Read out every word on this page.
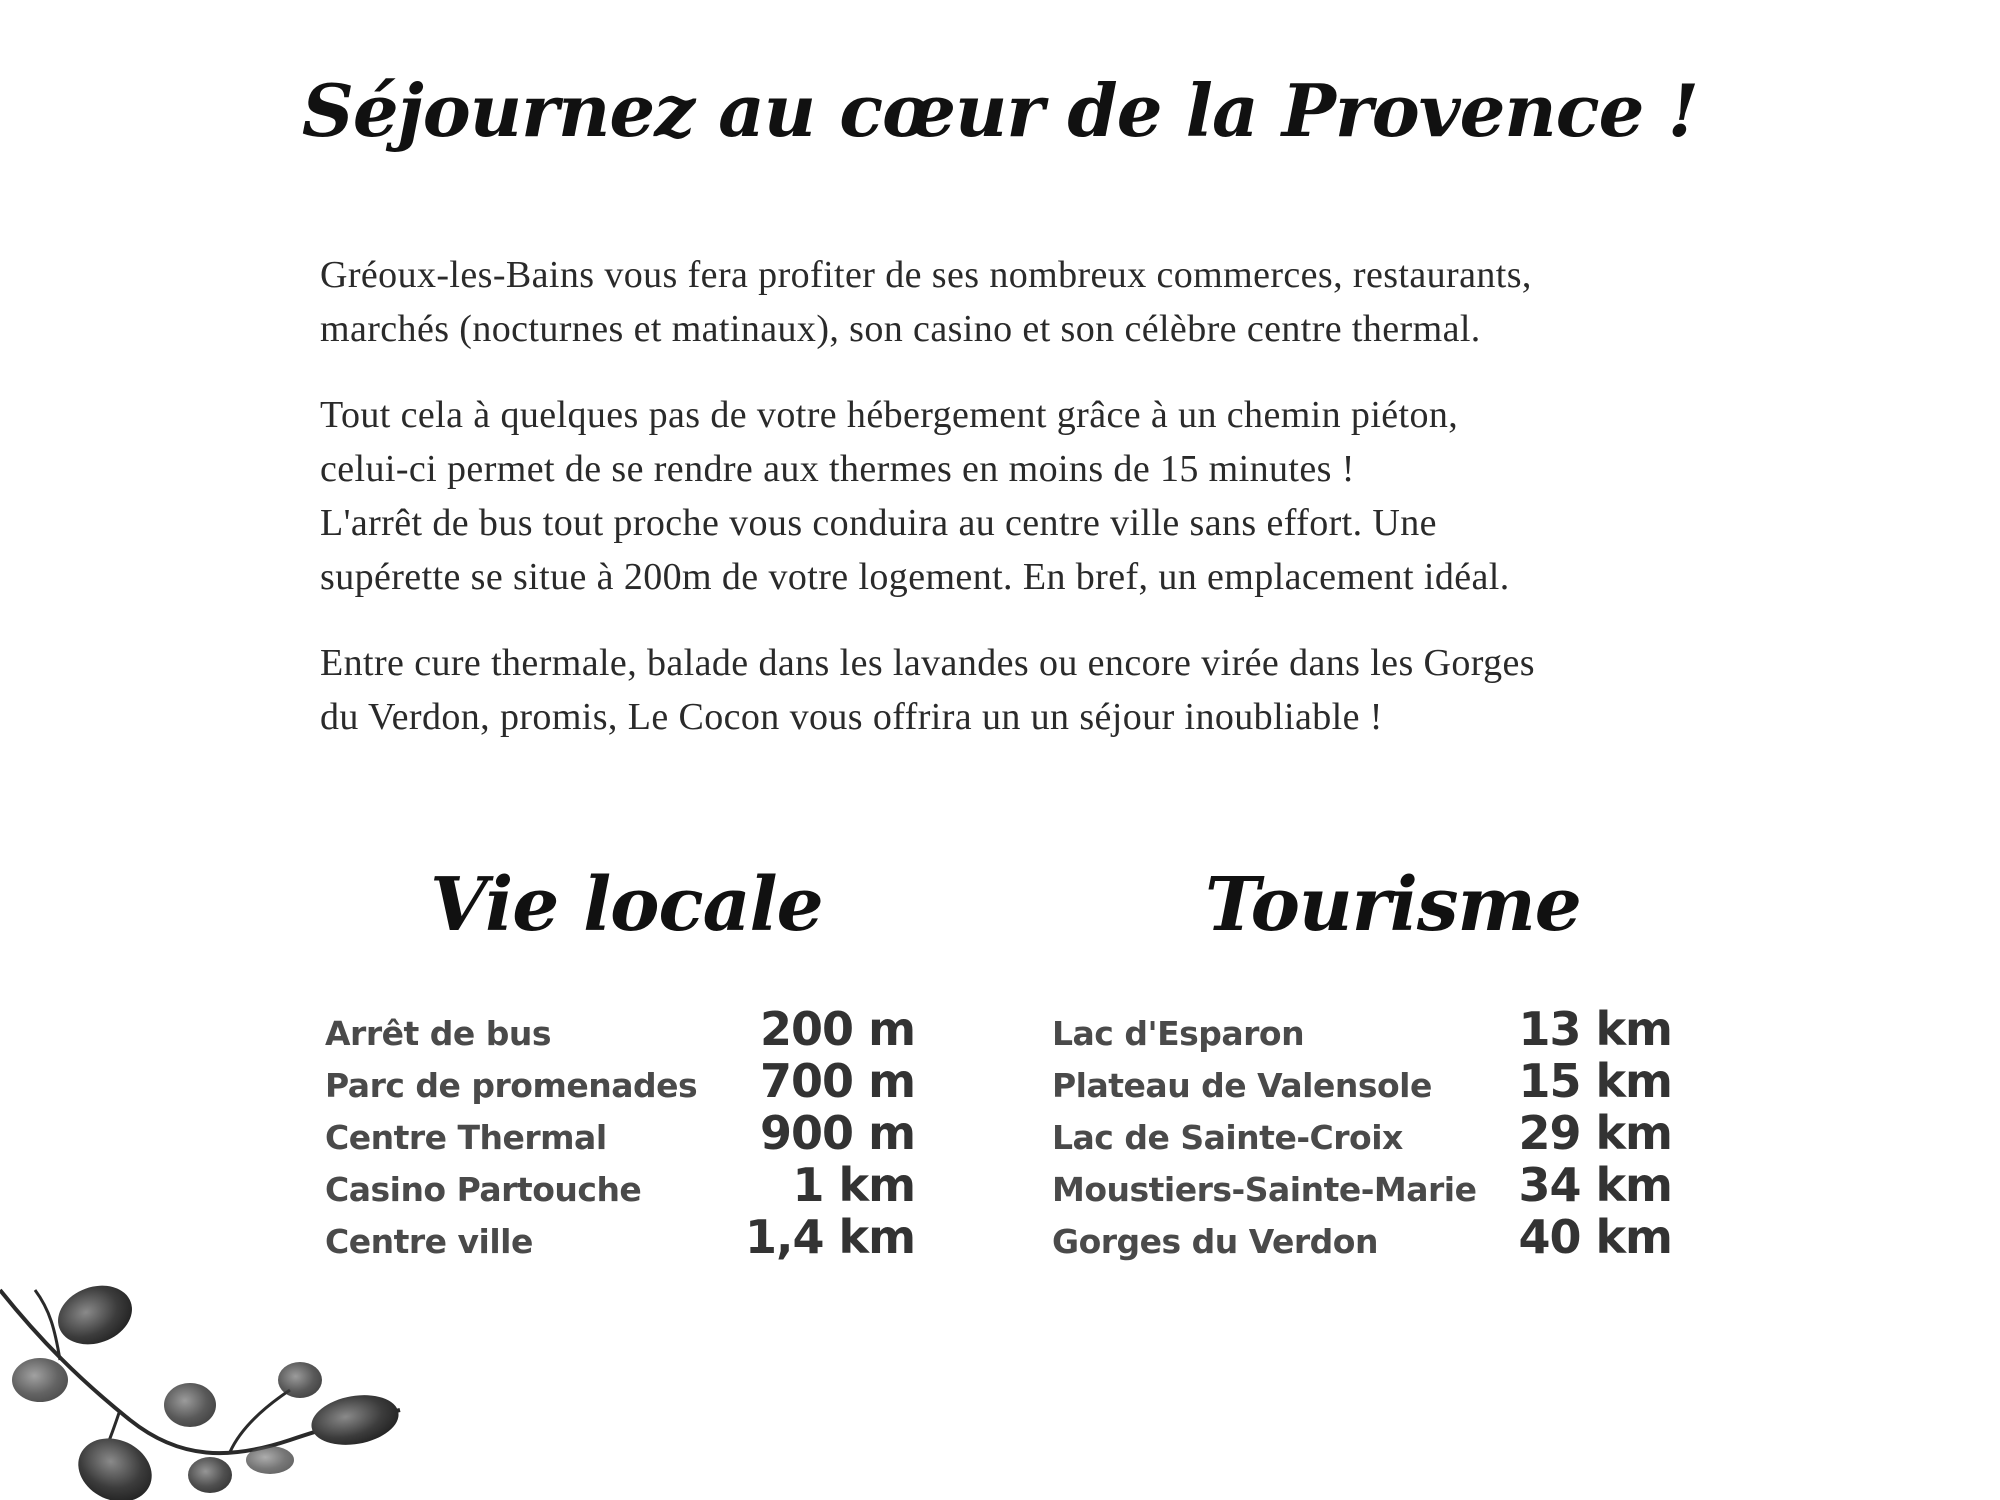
Séjournez au cœur de la Provence !

Gréoux-les-Bains vous fera profiter de ses nombreux commerces, restaurants,
marchés (nocturnes et matinaux), son casino et son célèbre centre thermal.

Tout cela à quelques pas de votre hébergement grâce à un chemin piéton,
celui-ci permet de se rendre aux thermes en moins de 15 minutes !
L'arrêt de bus tout proche vous conduira au centre ville sans effort. Une
supérette se situe à 200m de votre logement. En bref, un emplacement idéal.

Entre cure thermale, balade dans les lavandes ou encore virée dans les Gorges
du Verdon, promis, Le Cocon vous offrira un un séjour inoubliable !

Vie locale	Tourisme
Arrêt de bus	200 m
Parc de promenades 700 m
Centre Thermal	900 m
Casino Partouche	1 km
Centre ville	1,4 km
Lac d'Esparon	13 km
Plateau de Valensole 15 km
Lac de Sainte-Croix	29 km
Moustiers-Sainte-Marie 34 km
Gorges du Verdon	40 km
